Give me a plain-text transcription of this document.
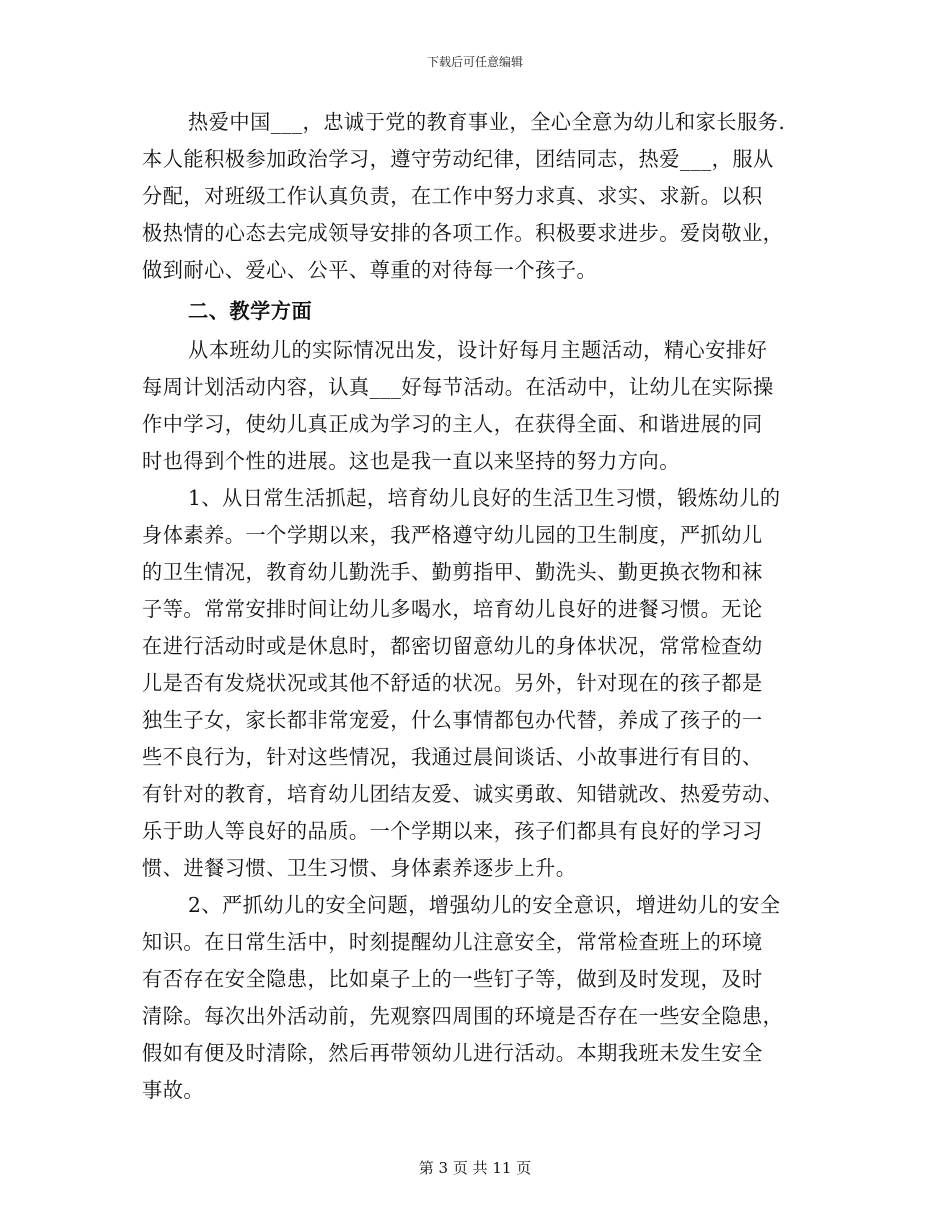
下载后可任意编辑
热爱中国___，忠诚于党的教育事业，全心全意为幼儿和家长服务.
本人能积极参加政治学习，遵守劳动纪律，团结同志，热爱___，服从
分配，对班级工作认真负责，在工作中努力求真、求实、求新。以积
极热情的心态去完成领导安排的各项工作。积极要求进步。爱岗敬业，
做到耐心、爱心、公平、尊重的对待每一个孩子。
二、教学方面
从本班幼儿的实际情况出发，设计好每月主题活动，精心安排好
每周计划活动内容，认真___好每节活动。在活动中，让幼儿在实际操
作中学习，使幼儿真正成为学习的主人，在获得全面、和谐进展的同
时也得到个性的进展。这也是我一直以来坚持的努力方向。
1、从日常生活抓起，培育幼儿良好的生活卫生习惯，锻炼幼儿的
身体素养。一个学期以来，我严格遵守幼儿园的卫生制度，严抓幼儿
的卫生情况，教育幼儿勤洗手、勤剪指甲、勤洗头、勤更换衣物和袜
子等。常常安排时间让幼儿多喝水，培育幼儿良好的进餐习惯。无论
在进行活动时或是休息时，都密切留意幼儿的身体状况，常常检查幼
儿是否有发烧状况或其他不舒适的状况。另外，针对现在的孩子都是
独生子女，家长都非常宠爱，什么事情都包办代替，养成了孩子的一
些不良行为，针对这些情况，我通过晨间谈话、小故事进行有目的、
有针对的教育，培育幼儿团结友爱、诚实勇敢、知错就改、热爱劳动、
乐于助人等良好的品质。一个学期以来，孩子们都具有良好的学习习
惯、进餐习惯、卫生习惯、身体素养逐步上升。
2、严抓幼儿的安全问题，增强幼儿的安全意识，增进幼儿的安全
知识。在日常生活中，时刻提醒幼儿注意安全，常常检查班上的环境
有否存在安全隐患，比如桌子上的一些钉子等，做到及时发现，及时
清除。每次出外活动前，先观察四周围的环境是否存在一些安全隐患，
假如有便及时清除，然后再带领幼儿进行活动。本期我班未发生安全
事故。
第 3 页 共 11 页
